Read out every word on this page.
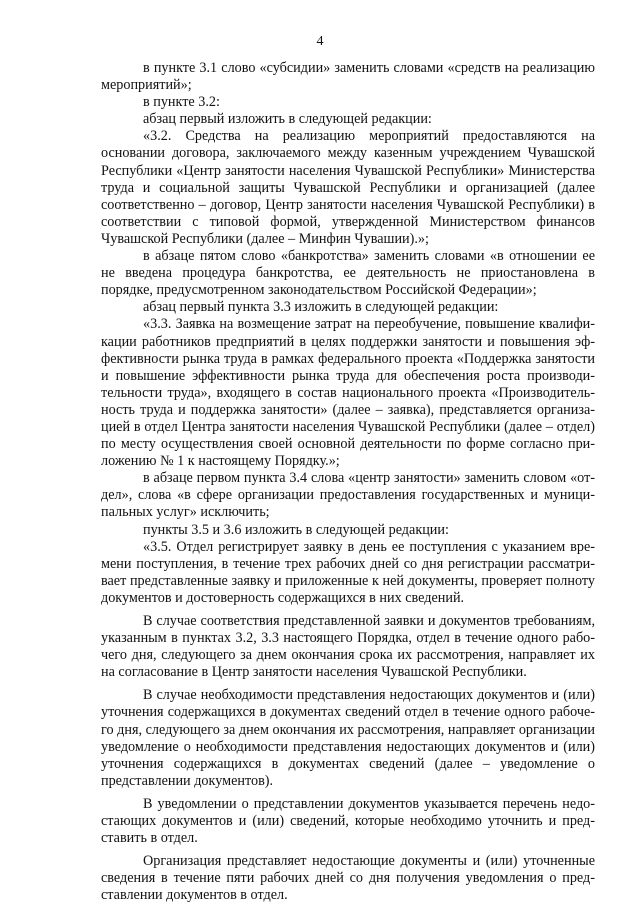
4

в пункте 3.1 слово «субсидии» заменить словами «средств на реализацию мероприятий»;

в пункте 3.2:

абзац первый изложить в следующей редакции:

«3.2. Средства на реализацию мероприятий предоставляются на основании договора, заключаемого между казенным учреждением Чувашской Республики «Центр занятости населения Чувашской Республики» Министерства труда и социальной защиты Чувашской Республики и организацией (далее соответственно – договор, Центр занятости населения Чувашской Республики) в соответствии с типовой формой, утвержденной Министерством финансов Чувашской Республики (далее – Минфин Чувашии).»;

в абзаце пятом слово «банкротства» заменить словами «в отношении ее не введена процедура банкротства, ее деятельность не приостановлена в порядке, предусмотренном законодательством Российской Федерации»;

абзац первый пункта 3.3 изложить в следующей редакции:

«3.3. Заявка на возмещение затрат на переобучение, повышение квалификации работников предприятий в целях поддержки занятости и повышения эффективности рынка труда в рамках федерального проекта «Поддержка занятости и повышение эффективности рынка труда для обеспечения роста производительности труда», входящего в состав национального проекта «Производительность труда и поддержка занятости» (далее – заявка), представляется организацией в отдел Центра занятости населения Чувашской Республики (далее – отдел) по месту осуществления своей основной деятельности по форме согласно приложению № 1 к настоящему Порядку.»;

в абзаце первом пункта 3.4 слова «центр занятости» заменить словом «отдел», слова «в сфере организации предоставления государственных и муниципальных услуг» исключить;

пункты 3.5 и 3.6 изложить в следующей редакции:

«3.5. Отдел регистрирует заявку в день ее поступления с указанием времени поступления, в течение трех рабочих дней со дня регистрации рассматривает представленные заявку и приложенные к ней документы, проверяет полноту документов и достоверность содержащихся в них сведений.

В случае соответствия представленной заявки и документов требованиям, указанным в пунктах 3.2, 3.3 настоящего Порядка, отдел в течение одного рабочего дня, следующего за днем окончания срока их рассмотрения, направляет их на согласование в Центр занятости населения Чувашской Республики.

В случае необходимости представления недостающих документов и (или) уточнения содержащихся в документах сведений отдел в течение одного рабочего дня, следующего за днем окончания их рассмотрения, направляет организации уведомление о необходимости представления недостающих документов и (или) уточнения содержащихся в документах сведений (далее – уведомление о представлении документов).

В уведомлении о представлении документов указывается перечень недостающих документов и (или) сведений, которые необходимо уточнить и представить в отдел.

Организация представляет недостающие документы и (или) уточненные сведения в течение пяти рабочих дней со дня получения уведомления о представлении документов в отдел.
